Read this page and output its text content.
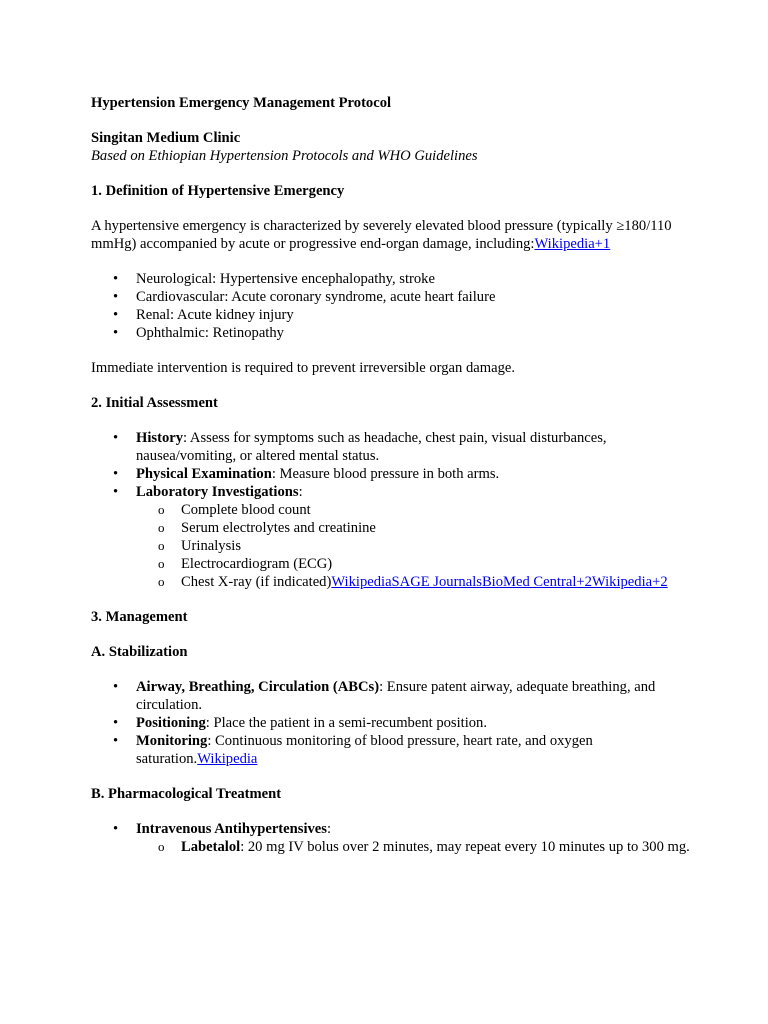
Hypertension Emergency Management Protocol

Singitan Medium Clinic

Based on Ethiopian Hypertension Protocols and WHO Guidelines

1. Definition of Hypertensive Emergency

A hypertensive emergency is characterized by severely elevated blood pressure (typically ≥180/110 mmHg) accompanied by acute or progressive end-organ damage, including:Wikipedia+1

•	Neurological: Hypertensive encephalopathy, stroke
•	Cardiovascular: Acute coronary syndrome, acute heart failure
•	Renal: Acute kidney injury
•	Ophthalmic: Retinopathy

Immediate intervention is required to prevent irreversible organ damage.

2. Initial Assessment

•	History: Assess for symptoms such as headache, chest pain, visual disturbances, nausea/vomiting, or altered mental status.
•	Physical Examination: Measure blood pressure in both arms.
•	Laboratory Investigations:
o Complete blood count
o Serum electrolytes and creatinine
o Urinalysis
o Electrocardiogram (ECG)
o Chest X-ray (if indicated)WikipediaSAGE JournalsBioMed Central+2Wikipedia+2

3. Management

A. Stabilization

•	Airway, Breathing, Circulation (ABCs): Ensure patent airway, adequate breathing, and circulation.
•	Positioning: Place the patient in a semi-recumbent position.
•	Monitoring: Continuous monitoring of blood pressure, heart rate, and oxygen saturation.Wikipedia

B. Pharmacological Treatment

•	Intravenous Antihypertensives:
o Labetalol: 20 mg IV bolus over 2 minutes, may repeat every 10 minutes up to 300 mg.
